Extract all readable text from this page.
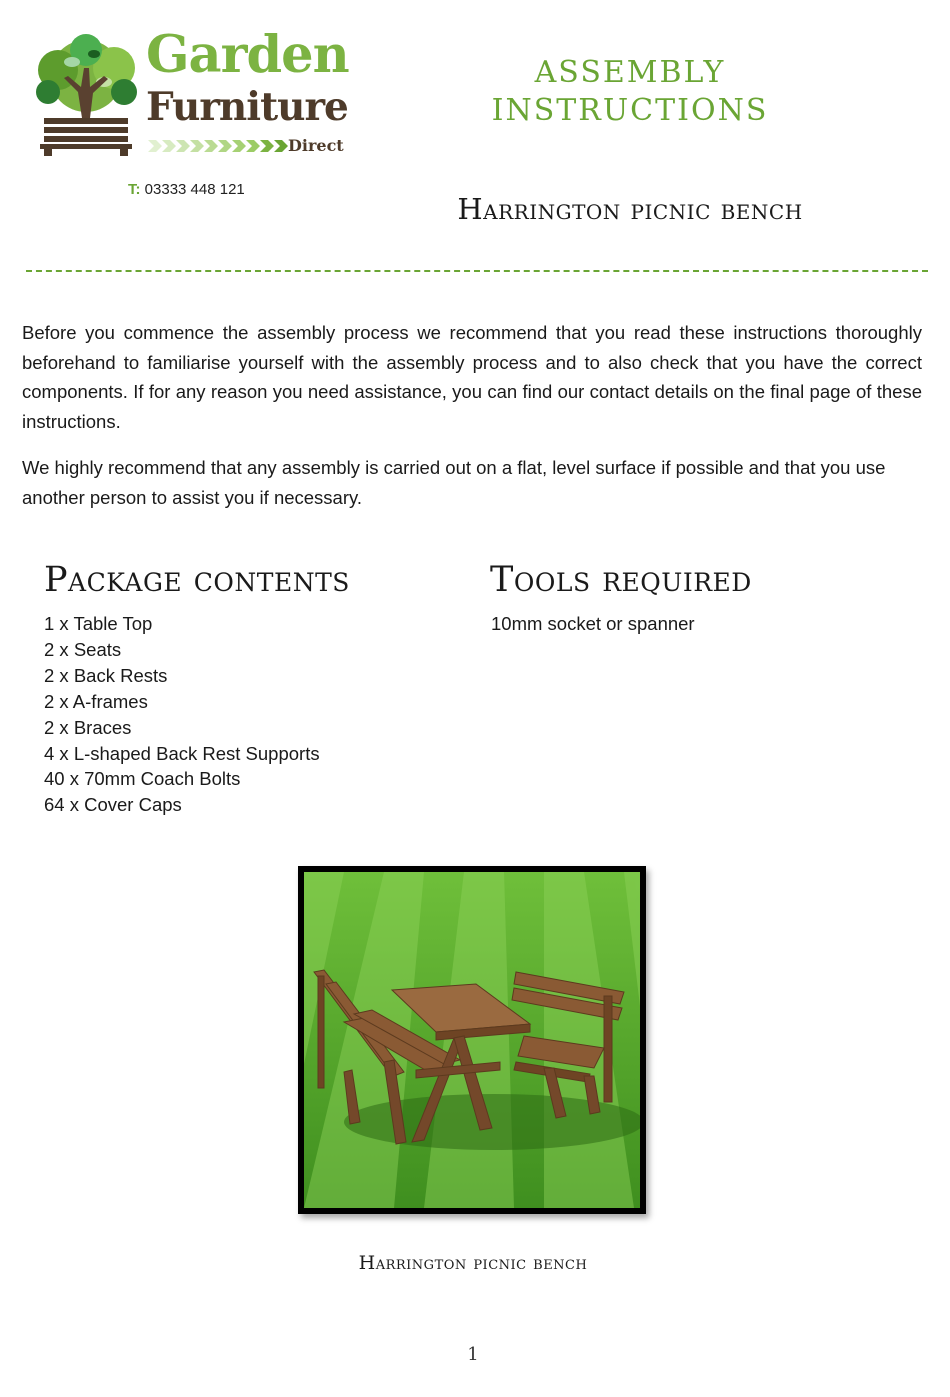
Garden
Furniture
Direct
T: 03333 448 121
ASSEMBLY
INSTRUCTIONS
Harrington picnic bench

Before you commence the assembly process we recommend that you read these instructions thoroughly beforehand to familiarise yourself with the assembly process and to also check that you have the correct components. If for any reason you need assistance, you can find our contact details on the final page of these instructions.

We highly recommend that any assembly is carried out on a flat, level surface if possible and that you use another person to assist you if necessary.

Package contents
1 x Table Top
2 x Seats
2 x Back Rests
2 x A-frames
2 x Braces
4 x L-shaped Back Rest Supports
40 x 70mm Coach Bolts
64 x Cover Caps
Tools required
10mm socket or spanner
Harrington picnic bench
1
